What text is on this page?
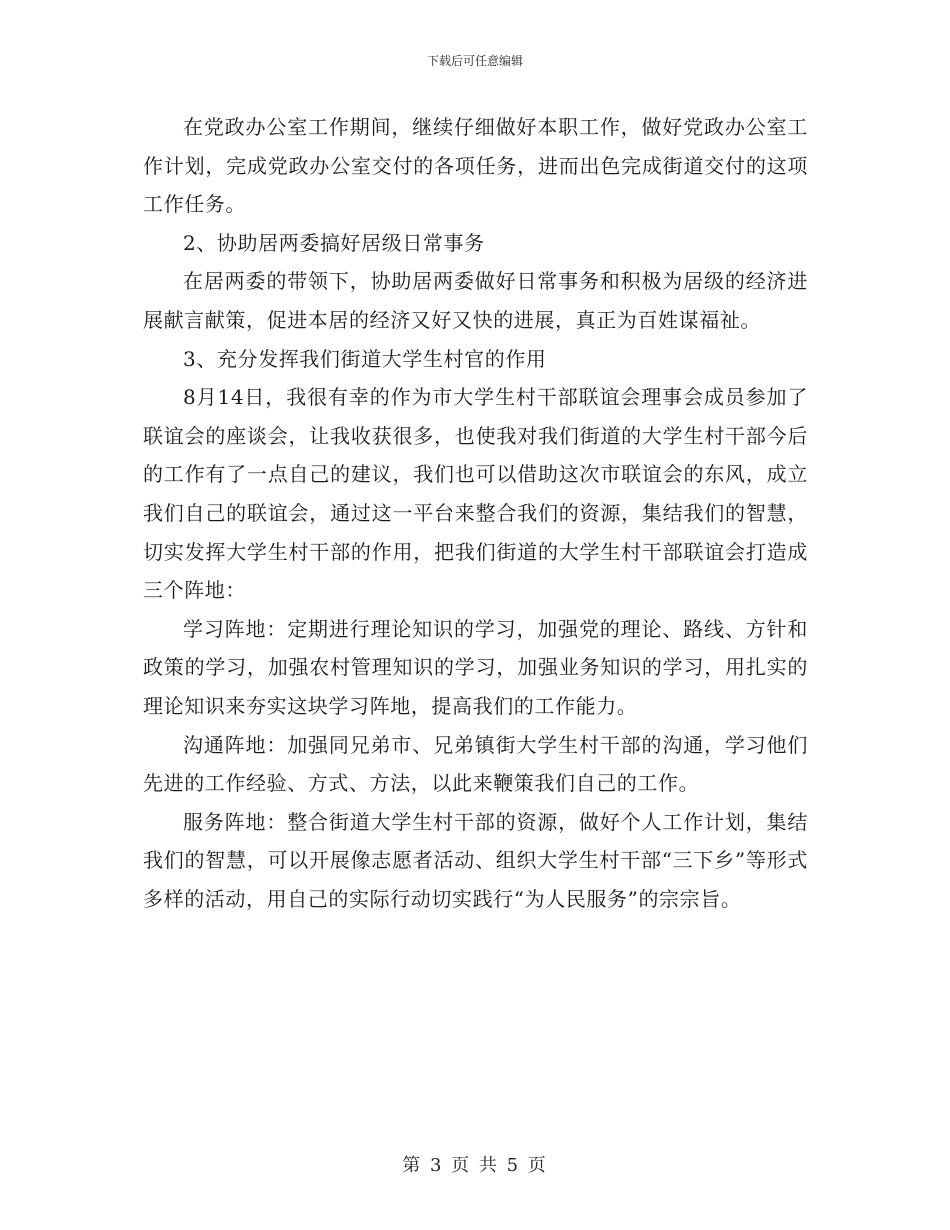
下载后可任意编辑

在党政办公室工作期间，继续仔细做好本职工作，做好党政办公室工作计划，完成党政办公室交付的各项任务，进而出色完成街道交付的这项工作任务。

2、协助居两委搞好居级日常事务

在居两委的带领下，协助居两委做好日常事务和积极为居级的经济进展献言献策，促进本居的经济又好又快的进展，真正为百姓谋福祉。

3、充分发挥我们街道大学生村官的作用

8月14日，我很有幸的作为市大学生村干部联谊会理事会成员参加了联谊会的座谈会，让我收获很多，也使我对我们街道的大学生村干部今后的工作有了一点自己的建议，我们也可以借助这次市联谊会的东风，成立我们自己的联谊会，通过这一平台来整合我们的资源，集结我们的智慧，切实发挥大学生村干部的作用，把我们街道的大学生村干部联谊会打造成三个阵地：

学习阵地：定期进行理论知识的学习，加强党的理论、路线、方针和政策的学习，加强农村管理知识的学习，加强业务知识的学习，用扎实的理论知识来夯实这块学习阵地，提高我们的工作能力。

沟通阵地：加强同兄弟市、兄弟镇街大学生村干部的沟通，学习他们先进的工作经验、方式、方法，以此来鞭策我们自己的工作。

服务阵地：整合街道大学生村干部的资源，做好个人工作计划，集结我们的智慧，可以开展像志愿者活动、组织大学生村干部“三下乡”等形式多样的活动，用自己的实际行动切实践行“为人民服务”的宗宗旨。

第 3 页 共 5 页
